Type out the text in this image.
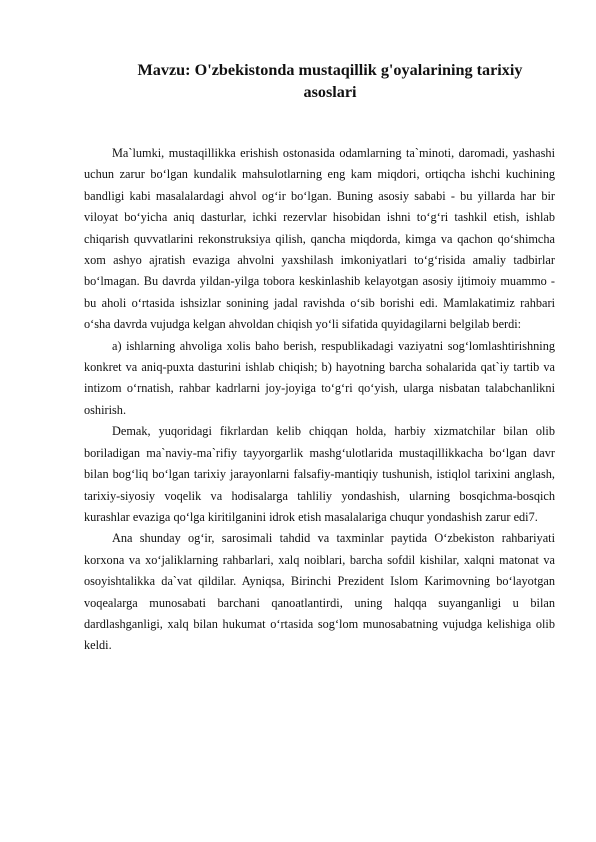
Mavzu: O'zbekistonda mustaqillik g'oyalarining tarixiy
asoslari

Ma`lumki, mustaqillikka erishish ostonasida odamlarning ta`minoti, daromadi, yashashi uchun zarur boʻlgan kundalik mahsulotlarning eng kam miqdori, ortiqcha ishchi kuchining bandligi kabi masalalardagi ahvol ogʻir boʻlgan. Buning asosiy sababi - bu yillarda har bir viloyat boʻyicha aniq dasturlar, ichki rezervlar hisobidan ishni toʻgʻri tashkil etish, ishlab chiqarish quvvatlarini rekonstruksiya qilish, qancha miqdorda, kimga va qachon qoʻshimcha xom ashyo ajratish evaziga ahvolni yaxshilash imkoniyatlari toʻgʻrisida amaliy tadbirlar boʻlmagan. Bu davrda yildan-yilga tobora keskinlashib kelayotgan asosiy ijtimoiy muammo - bu aholi oʻrtasida ishsizlar sonining jadal ravishda oʻsib borishi edi. Mamlakatimiz rahbari oʻsha davrda vujudga kelgan ahvoldan chiqish yoʻli sifatida quyidagilarni belgilab berdi:

a) ishlarning ahvoliga xolis baho berish, respublikadagi vaziyatni sogʻlomlashtirishning konkret va aniq-puxta dasturini ishlab chiqish; b) hayotning barcha sohalarida qat`iy tartib va intizom oʻrnatish, rahbar kadrlarni joy-joyiga toʻgʻri qoʻyish, ularga nisbatan talabchanlikni oshirish.

Demak, yuqoridagi fikrlardan kelib chiqqan holda, harbiy xizmatchilar bilan olib boriladigan ma`naviy-ma`rifiy tayyorgarlik mashgʻulotlarida mustaqillikkacha boʻlgan davr bilan bogʻliq boʻlgan tarixiy jarayonlarni falsafiy-mantiqiy tushunish, istiqlol tarixini anglash, tarixiy-siyosiy voqelik va hodisalarga tahliliy yondashish, ularning bosqichma-bosqich kurashlar evaziga qoʻlga kiritilganini idrok etish masalalariga chuqur yondashish zarur edi7.

Ana shunday ogʻir, sarosimali tahdid va taxminlar paytida Oʻzbekiston rahbariyati korxona va xoʻjaliklarning rahbarlari, xalq noiblari, barcha sofdil kishilar, xalqni matonat va osoyishtalikka da`vat qildilar. Ayniqsa, Birinchi Prezident Islom Karimovning boʻlayotgan voqealarga munosabati barchani qanoatlantirdi, uning halqqa suyanganligi u bilan dardlashganligi, xalq bilan hukumat oʻrtasida sogʻlom munosabatning vujudga kelishiga olib keldi.
